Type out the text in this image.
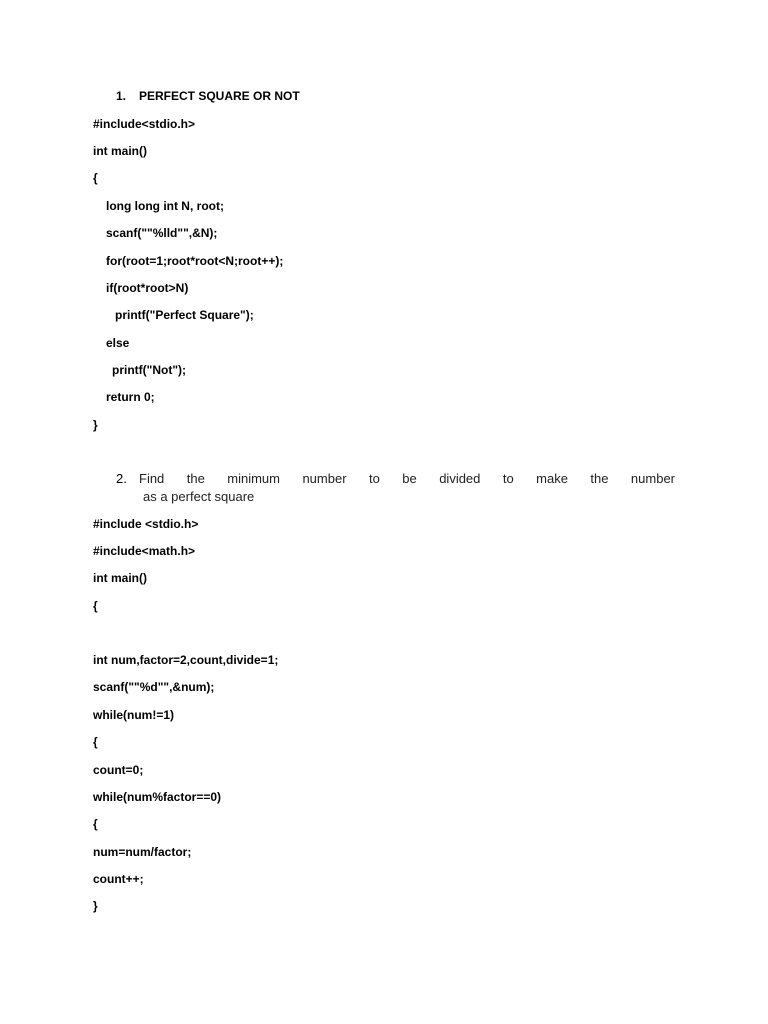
1. PERFECT SQUARE OR NOT
#include<stdio.h>
int main()
{
long long int N, root;
scanf(""%lld"",&N);
for(root=1;root*root<N;root++);
if(root*root>N)
printf("Perfect Square");
else
printf("Not");
return 0;
}
2. Find the minimum number to be divided to make the number
as a perfect square
#include <stdio.h>
#include<math.h>
int main()
{
int num,factor=2,count,divide=1;
scanf(""%d"",&num);
while(num!=1)
{
count=0;
while(num%factor==0)
{
num=num/factor;
count++;
}
